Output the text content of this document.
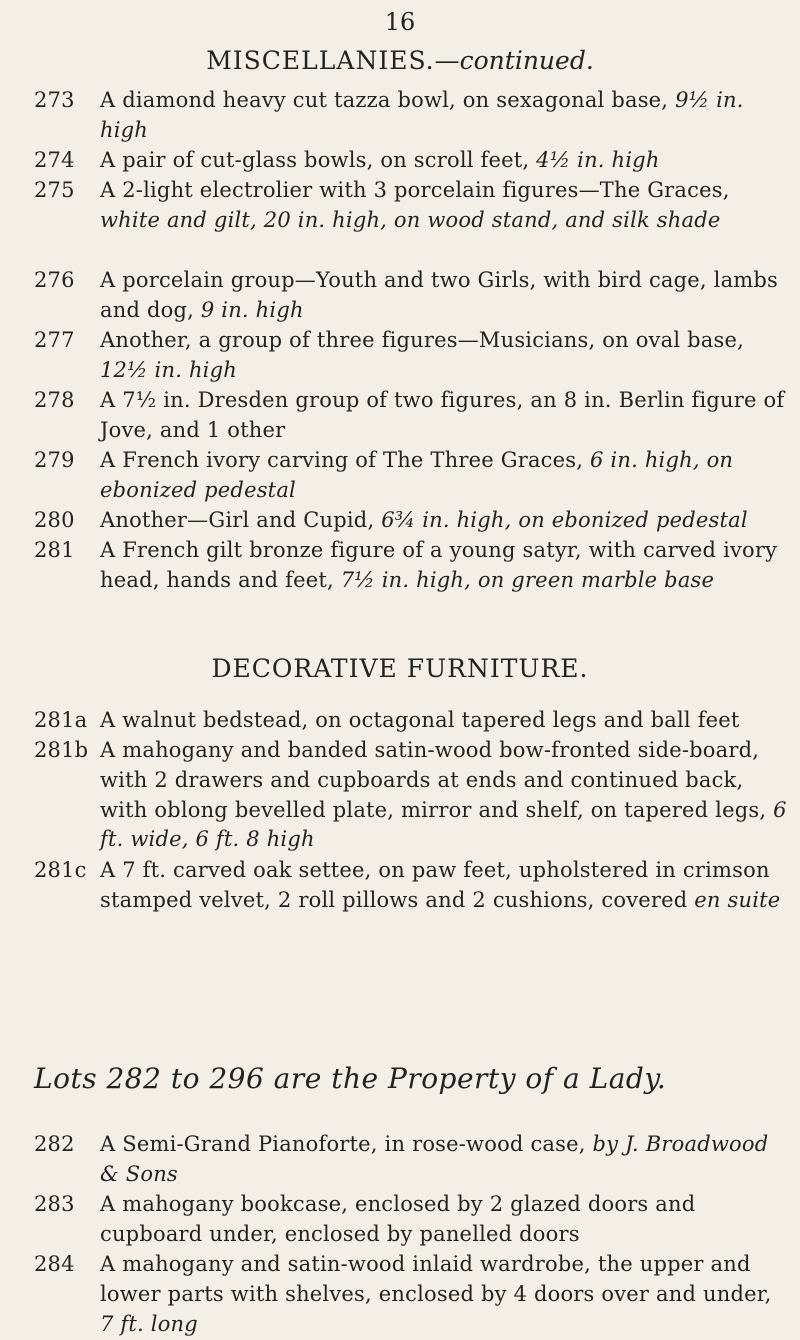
16
MISCELLANIES.—continued.
273	A diamond heavy cut tazza bowl, on sexagonal base, 9½ in. high
274	A pair of cut-glass bowls, on scroll feet, 4½ in. high
275	A 2-light electrolier with 3 porcelain figures—The Graces, white and gilt, 20 in. high, on wood stand, and silk shade
276	A porcelain group—Youth and two Girls, with bird cage, lambs and dog, 9 in. high
277	Another, a group of three figures—Musicians, on oval base, 12½ in. high
278	A 7½ in. Dresden group of two figures, an 8 in. Berlin figure of Jove, and 1 other
279	A French ivory carving of The Three Graces, 6 in. high, on ebonized pedestal
280	Another—Girl and Cupid, 6¾ in. high, on ebonized pedestal
281	A French gilt bronze figure of a young satyr, with carved ivory head, hands and feet, 7½ in. high, on green marble base
DECORATIVE FURNITURE.
281a A walnut bedstead, on octagonal tapered legs and ball feet
281b A mahogany and banded satin-wood bow-fronted side-board, with 2 drawers and cupboards at ends and continued back, with oblong bevelled plate, mirror and shelf, on tapered legs, 6 ft. wide, 6 ft. 8 high
281c A 7 ft. carved oak settee, on paw feet, upholstered in crimson stamped velvet, 2 roll pillows and 2 cushions, covered en suite
Lots 282 to 296 are the Property of a Lady.
282	A Semi-Grand Pianoforte, in rose-wood case, by J. Broadwood & Sons
283	A mahogany bookcase, enclosed by 2 glazed doors and cupboard under, enclosed by panelled doors
284	A mahogany and satin-wood inlaid wardrobe, the upper and lower parts with shelves, enclosed by 4 doors over and under, 7 ft. long
